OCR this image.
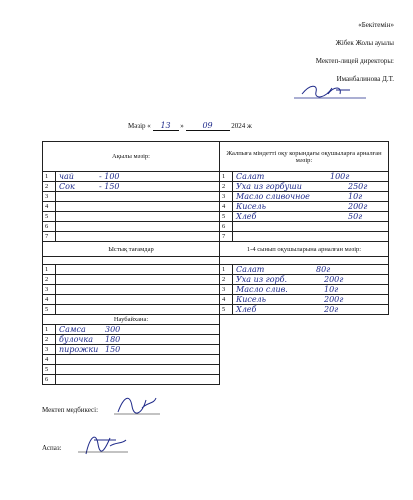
«Бекітемін»
Жібек Жолы ауылы
Мектеп-лицей директоры:
Иманбалинова Д.Т.
Мәзір « 13 » 09	2024 ж
Ақылы мәзір:	Жалпыға міндетті оқу корындағы оқушыларға арналған мәзір:

1 чай - 100	1 Салат 100г

2 Сок - 150	2 Уха из горбуши 250г

3	3 Масло сливочное 10г

4	4 Кисель 200г

5	5 Хлеб 50г

6	6

7	7

Ыстық тағамдар	1-4 сынып оқушыларына арналған мәзір:

1	1 Салат 80г

2	2 Уха из горб. 200г

3	3 Масло слив. 10г

4	4 Кисель 200г

5	5 Хлеб 20г

Наубайхана:	

1 Самса 300	

2 булочка 180	

3 пирожки 150	

4	

5	

6	
Мектеп медбикесі:
Аспаз:
